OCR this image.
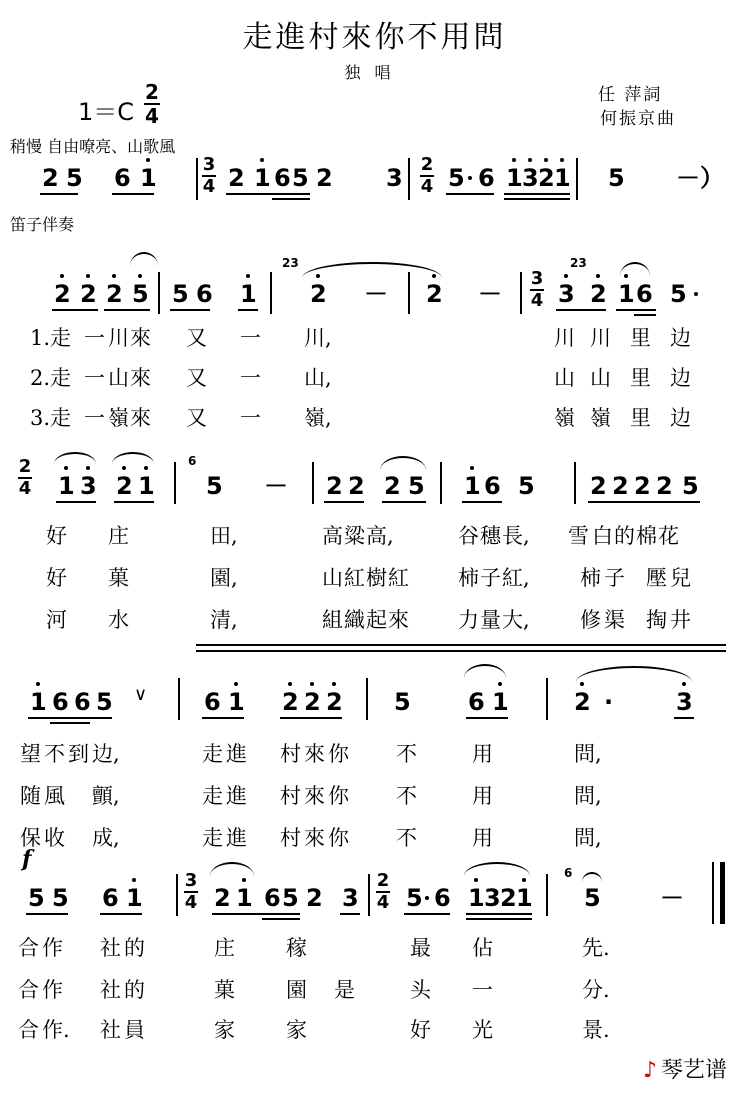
走進村來你不用問
独唱
任 萍詞
何振京曲
$1=C \frac{2}{4}$
稍慢 自由嘹亮、山歌風
笛子伴奏
2 5 6 1	$\frac{3}{4} 2$ 1 6 5 2 $3 \frac{2}{4} 5$ 6 1 3 2 1 5 － ）
2 2 2 5 5 6 1
23
$2 - 2 - \frac{3}{4}$
23
3 2 1 6 5
1.走 一 川 來 又 一 川,	川 川 里 边
2.走 一 山 來 又 一 山,	山 山 里 边
3.走 一 嶺 來 又 一 嶺,	嶺 嶺 里 边
$\frac{2}{4} 1$ 3 2 1
6
5 － 2 2 2 5 1 6 5 2 2 2 2 5
好 庄	田,	高 粱 高,	谷 穗 長, 雪 白 的 棉 花
好 菓	園,	山 紅 樹 紅 柿 子 紅, 柿 子 壓 兒
河 水	清,	組 織 起 來 力 量 大, 修 渠 掏 井
1 6 6 5 ∨ 6 1 2 2 2 5 6 1	2 ·	3
望 不 到 边,	走 進 村 來 你 不	用	問,
随 風 顫,	走 進 村 來 你 不	用	問,
保 收 成,	走 進 村 來 你 不	用	問,
f
5 5 6 $1 \frac{3}{4} 2$ 1 6 5 2 $3 \frac{2}{4} 5$ 6 1 3 2 1
6
5 －
合 作 社 的	庄 稼	最 佔	先.
合 作 社 的	菓 園 是	头 一	分.
合 作. 社 員	家 家	好 光	景.
♪ 琴艺谱
